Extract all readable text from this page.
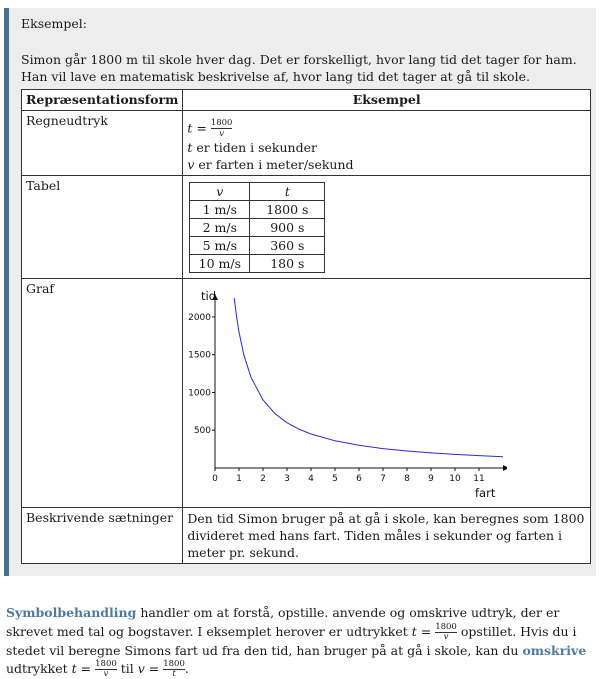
Eksempel:
Simon går 1800 m til skole hver dag. Det er forskelligt, hvor lang tid det tager for ham. Han vil lave en matematisk beskrivelse af, hvor lang tid det tager at gå til skole.
Repræsentationsform	Eksempel
Regneudtryk	$t = \frac{1800}{v}$
t er tiden i sekunder
v er farten i meter/sekund

Tabel		v	t
1 m/s	1800 s
2 m/s	900 s
5 m/s	360 s
10 m/s	180 s

Graf	
0 1 2 3 4 5 6 7 8 9 10 11
500
1000
1500
2000
fart
tid

Beskrivende sætninger	Den tid Simon bruger på at gå i skole, kan beregnes som 1800 divideret med hans fart. Tiden måles i sekunder og farten i meter pr. sekund.
Symbolbehandling handler om at forstå, opstille. anvende og omskrive udtryk, der er skrevet med tal og bogstaver. I eksemplet herover er udtrykket $t = \frac{1800}{v}$ opstillet. Hvis du i stedet vil beregne Simons fart ud fra den tid, han bruger på at gå i skole, kan du omskrive udtrykket $t = \frac{1800}{v}$ til $v = \frac{1800}{t}$ .
